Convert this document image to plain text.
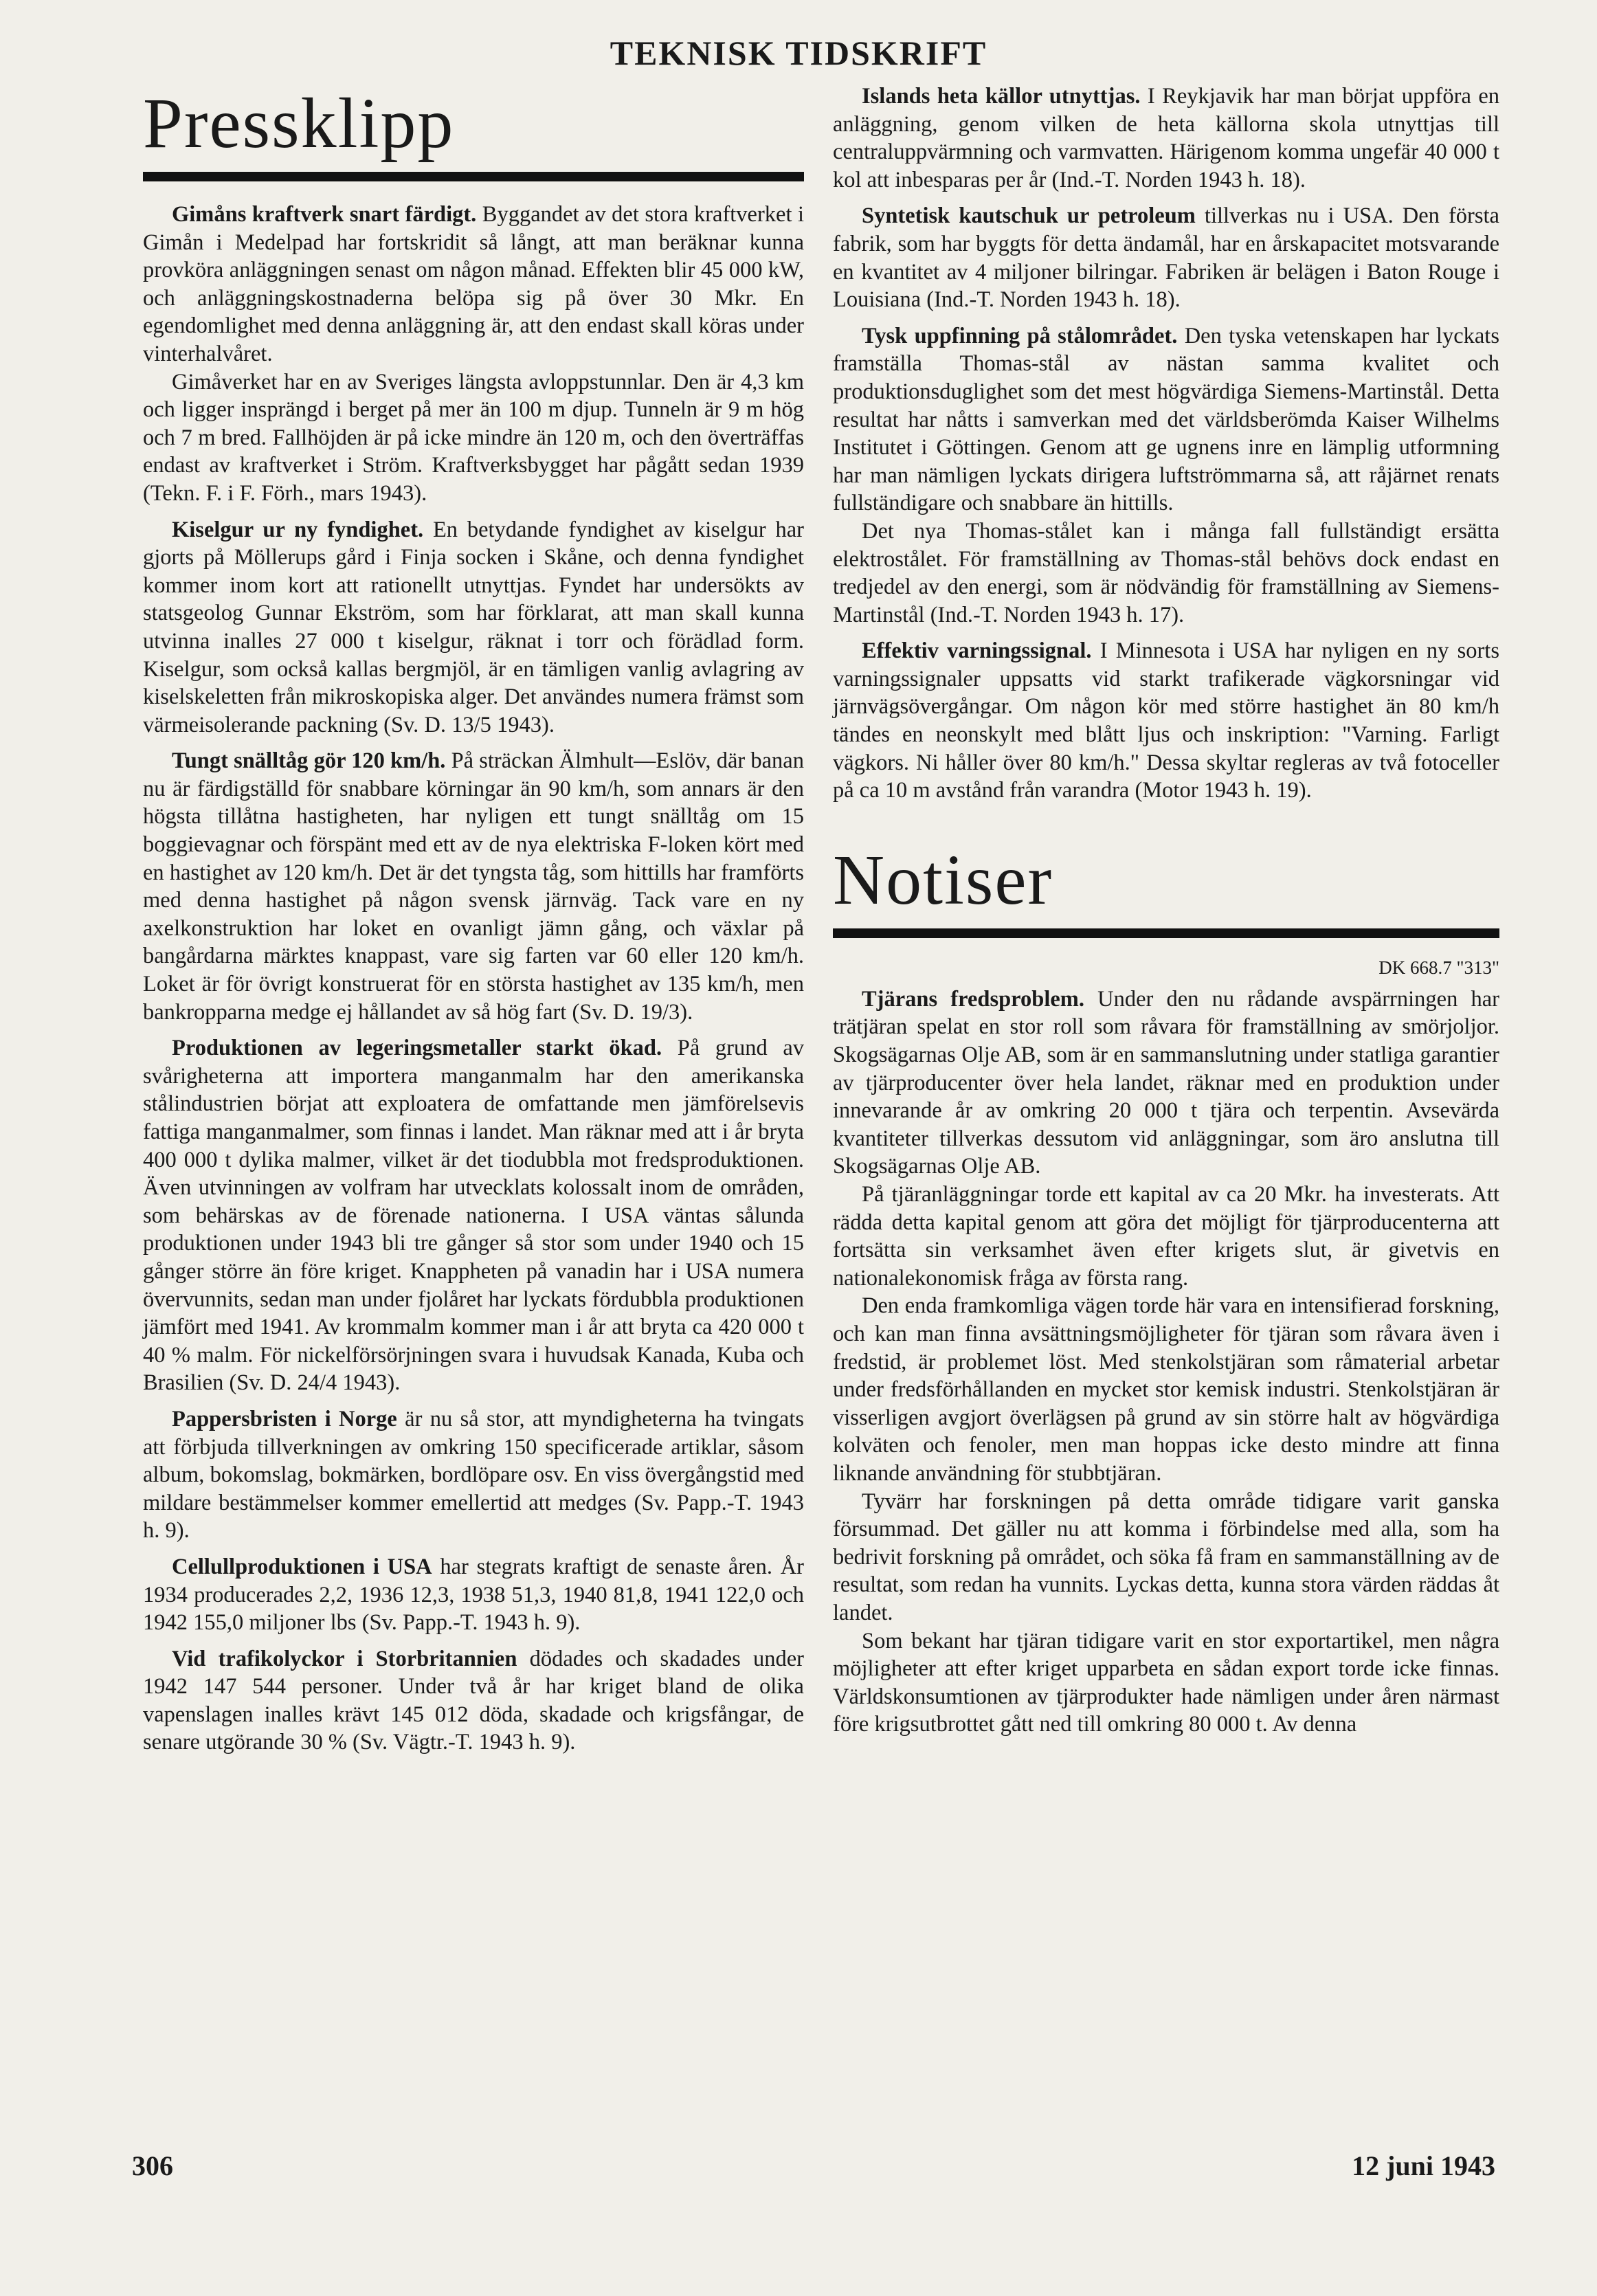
TEKNISK TIDSKRIFT
Pressklipp

Gimåns kraftverk snart färdigt. Byggandet av det stora kraftverket i Gimån i Medelpad har fortskridit så långt, att man beräknar kunna provköra anläggningen senast om någon månad. Effekten blir 45 000 kW, och anläggningskostnaderna belöpa sig på över 30 Mkr. En egendomlighet med denna anläggning är, att den endast skall köras under vinterhalvåret.

Gimåverket har en av Sveriges längsta avloppstunnlar. Den är 4,3 km och ligger insprängd i berget på mer än 100 m djup. Tunneln är 9 m hög och 7 m bred. Fallhöjden är på icke mindre än 120 m, och den överträffas endast av kraftverket i Ström. Kraftverksbygget har pågått sedan 1939 (Tekn. F. i F. Förh., mars 1943).

Kiselgur ur ny fyndighet. En betydande fyndighet av kiselgur har gjorts på Möllerups gård i Finja socken i Skåne, och denna fyndighet kommer inom kort att rationellt utnyttjas. Fyndet har undersökts av statsgeolog Gunnar Ekström, som har förklarat, att man skall kunna utvinna inalles 27 000 t kiselgur, räknat i torr och förädlad form. Kiselgur, som också kallas bergmjöl, är en tämligen vanlig avlagring av kiselskeletten från mikroskopiska alger. Det användes numera främst som värmeisolerande packning (Sv. D. 13/5 1943).

Tungt snälltåg gör 120 km/h. På sträckan Älmhult—Eslöv, där banan nu är färdigställd för snabbare körningar än 90 km/h, som annars är den högsta tillåtna hastigheten, har nyligen ett tungt snälltåg om 15 boggievagnar och förspänt med ett av de nya elektriska F-loken kört med en hastighet av 120 km/h. Det är det tyngsta tåg, som hittills har framförts med denna hastighet på någon svensk järnväg. Tack vare en ny axelkonstruktion har loket en ovanligt jämn gång, och växlar på bangårdarna märktes knappast, vare sig farten var 60 eller 120 km/h. Loket är för övrigt konstruerat för en största hastighet av 135 km/h, men bankropparna medge ej hållandet av så hög fart (Sv. D. 19/3).

Produktionen av legeringsmetaller starkt ökad. På grund av svårigheterna att importera manganmalm har den amerikanska stålindustrien börjat att exploatera de omfattande men jämförelsevis fattiga manganmalmer, som finnas i landet. Man räknar med att i år bryta 400 000 t dylika malmer, vilket är det tiodubbla mot fredsproduktionen. Även utvinningen av volfram har utvecklats kolossalt inom de områden, som behärskas av de förenade nationerna. I USA väntas sålunda produktionen under 1943 bli tre gånger så stor som under 1940 och 15 gånger större än före kriget. Knappheten på vanadin har i USA numera övervunnits, sedan man under fjolåret har lyckats fördubbla produktionen jämfört med 1941. Av krommalm kommer man i år att bryta ca 420 000 t 40 % malm. För nickelförsörjningen svara i huvudsak Kanada, Kuba och Brasilien (Sv. D. 24/4 1943).

Pappersbristen i Norge är nu så stor, att myndigheterna ha tvingats att förbjuda tillverkningen av omkring 150 specificerade artiklar, såsom album, bokomslag, bokmärken, bordlöpare osv. En viss övergångstid med mildare bestämmelser kommer emellertid att medges (Sv. Papp.-T. 1943 h. 9).

Cellullproduktionen i USA har stegrats kraftigt de senaste åren. År 1934 producerades 2,2, 1936 12,3, 1938 51,3, 1940 81,8, 1941 122,0 och 1942 155,0 miljoner lbs (Sv. Papp.-T. 1943 h. 9).

Vid trafikolyckor i Storbritannien dödades och skadades under 1942 147 544 personer. Under två år har kriget bland de olika vapenslagen inalles krävt 145 012 döda, skadade och krigsfångar, de senare utgörande 30 % (Sv. Vägtr.-T. 1943 h. 9).

Islands heta källor utnyttjas. I Reykjavik har man börjat uppföra en anläggning, genom vilken de heta källorna skola utnyttjas till centraluppvärmning och varmvatten. Härigenom komma ungefär 40 000 t kol att inbesparas per år (Ind.-T. Norden 1943 h. 18).

Syntetisk kautschuk ur petroleum tillverkas nu i USA. Den första fabrik, som har byggts för detta ändamål, har en årskapacitet motsvarande en kvantitet av 4 miljoner bilringar. Fabriken är belägen i Baton Rouge i Louisiana (Ind.-T. Norden 1943 h. 18).

Tysk uppfinning på stålområdet. Den tyska vetenskapen har lyckats framställa Thomas-stål av nästan samma kvalitet och produktionsduglighet som det mest högvärdiga Siemens-Martinstål. Detta resultat har nåtts i samverkan med det världsberömda Kaiser Wilhelms Institutet i Göttingen. Genom att ge ugnens inre en lämplig utformning har man nämligen lyckats dirigera luftströmmarna så, att råjärnet renats fullständigare och snabbare än hittills.

Det nya Thomas-stålet kan i många fall fullständigt ersätta elektrostålet. För framställning av Thomas-stål behövs dock endast en tredjedel av den energi, som är nödvändig för framställning av Siemens-Martinstål (Ind.-T. Norden 1943 h. 17).

Effektiv varningssignal. I Minnesota i USA har nyligen en ny sorts varningssignaler uppsatts vid starkt trafikerade vägkorsningar vid järnvägsövergångar. Om någon kör med större hastighet än 80 km/h tändes en neonskylt med blått ljus och inskription: "Varning. Farligt vägkors. Ni håller över 80 km/h." Dessa skyltar regleras av två fotoceller på ca 10 m avstånd från varandra (Motor 1943 h. 19).

Notiser
DK 668.7 "313"

Tjärans fredsproblem. Under den nu rådande avspärrningen har trätjäran spelat en stor roll som råvara för framställning av smörjoljor. Skogsägarnas Olje AB, som är en sammanslutning under statliga garantier av tjärproducenter över hela landet, räknar med en produktion under innevarande år av omkring 20 000 t tjära och terpentin. Avsevärda kvantiteter tillverkas dessutom vid anläggningar, som äro anslutna till Skogsägarnas Olje AB.

På tjäranläggningar torde ett kapital av ca 20 Mkr. ha investerats. Att rädda detta kapital genom att göra det möjligt för tjärproducenterna att fortsätta sin verksamhet även efter krigets slut, är givetvis en nationalekonomisk fråga av första rang.

Den enda framkomliga vägen torde här vara en intensifierad forskning, och kan man finna avsättningsmöjligheter för tjäran som råvara även i fredstid, är problemet löst. Med stenkolstjäran som råmaterial arbetar under fredsförhållanden en mycket stor kemisk industri. Stenkolstjäran är visserligen avgjort överlägsen på grund av sin större halt av högvärdiga kolväten och fenoler, men man hoppas icke desto mindre att finna liknande användning för stubbtjäran.

Tyvärr har forskningen på detta område tidigare varit ganska försummad. Det gäller nu att komma i förbindelse med alla, som ha bedrivit forskning på området, och söka få fram en sammanställning av de resultat, som redan ha vunnits. Lyckas detta, kunna stora värden räddas åt landet.

Som bekant har tjäran tidigare varit en stor exportartikel, men några möjligheter att efter kriget upparbeta en sådan export torde icke finnas. Världskonsumtionen av tjärprodukter hade nämligen under åren närmast före krigsutbrottet gått ned till omkring 80 000 t. Av denna

306	12 juni 1943
